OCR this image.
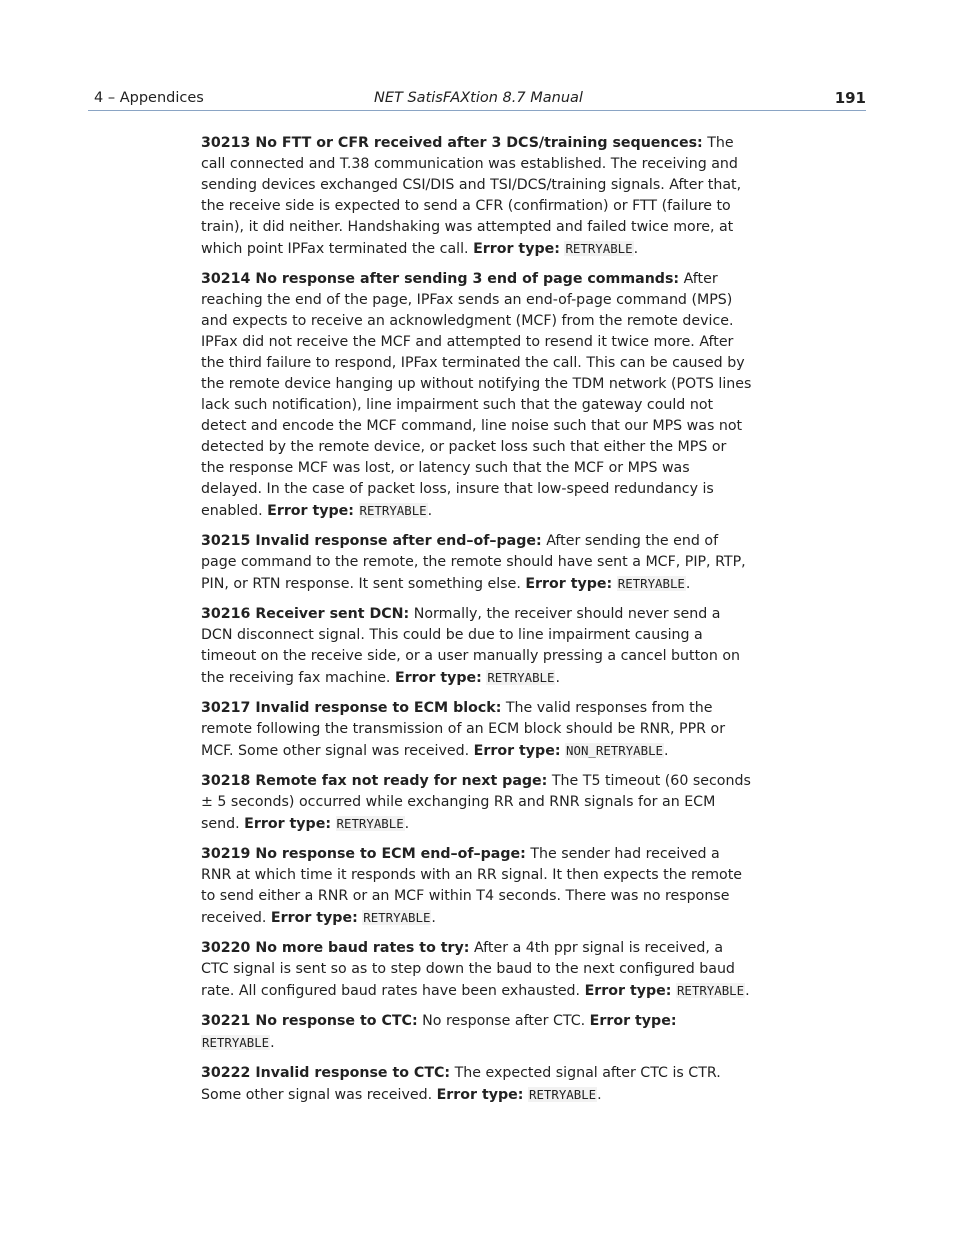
4 – Appendices	NET SatisFAXtion 8.7 Manual	191

30213 No FTT or CFR received after 3 DCS/training sequences: The call connected and T.38 communication was established. The receiving and sending devices exchanged CSI/DIS and TSI/DCS/training signals. After that, the receive side is expected to send a CFR (confirmation) or FTT (failure to train), it did neither. Handshaking was attempted and failed twice more, at which point IPFax terminated the call. Error type: RETRYABLE.

30214 No response after sending 3 end of page commands: After reaching the end of the page, IPFax sends an end-of-page command (MPS) and expects to receive an acknowledgment (MCF) from the remote device. IPFax did not receive the MCF and attempted to resend it twice more. After the third failure to respond, IPFax terminated the call. This can be caused by the remote device hanging up without notifying the TDM network (POTS lines lack such notification), line impairment such that the gateway could not detect and encode the MCF command, line noise such that our MPS was not detected by the remote device, or packet loss such that either the MPS or the response MCF was lost, or latency such that the MCF or MPS was delayed. In the case of packet loss, insure that low-speed redundancy is enabled. Error type: RETRYABLE.

30215 Invalid response after end–of–page: After sending the end of page command to the remote, the remote should have sent a MCF, PIP, RTP, PIN, or RTN response. It sent something else. Error type: RETRYABLE.

30216 Receiver sent DCN: Normally, the receiver should never send a DCN disconnect signal. This could be due to line impairment causing a timeout on the receive side, or a user manually pressing a cancel button on the receiving fax machine. Error type: RETRYABLE.

30217 Invalid response to ECM block: The valid responses from the remote following the transmission of an ECM block should be RNR, PPR or MCF. Some other signal was received. Error type: NON_RETRYABLE.

30218 Remote fax not ready for next page: The T5 timeout (60 seconds ± 5 seconds) occurred while exchanging RR and RNR signals for an ECM send. Error type: RETRYABLE.

30219 No response to ECM end–of–page: The sender had received a RNR at which time it responds with an RR signal. It then expects the remote to send either a RNR or an MCF within T4 seconds. There was no response received. Error type: RETRYABLE.

30220 No more baud rates to try: After a 4th ppr signal is received, a CTC signal is sent so as to step down the baud to the next configured baud rate. All configured baud rates have been exhausted. Error type: RETRYABLE.

30221 No response to CTC: No response after CTC. Error type: RETRYABLE.

30222 Invalid response to CTC: The expected signal after CTC is CTR. Some other signal was received. Error type: RETRYABLE.
